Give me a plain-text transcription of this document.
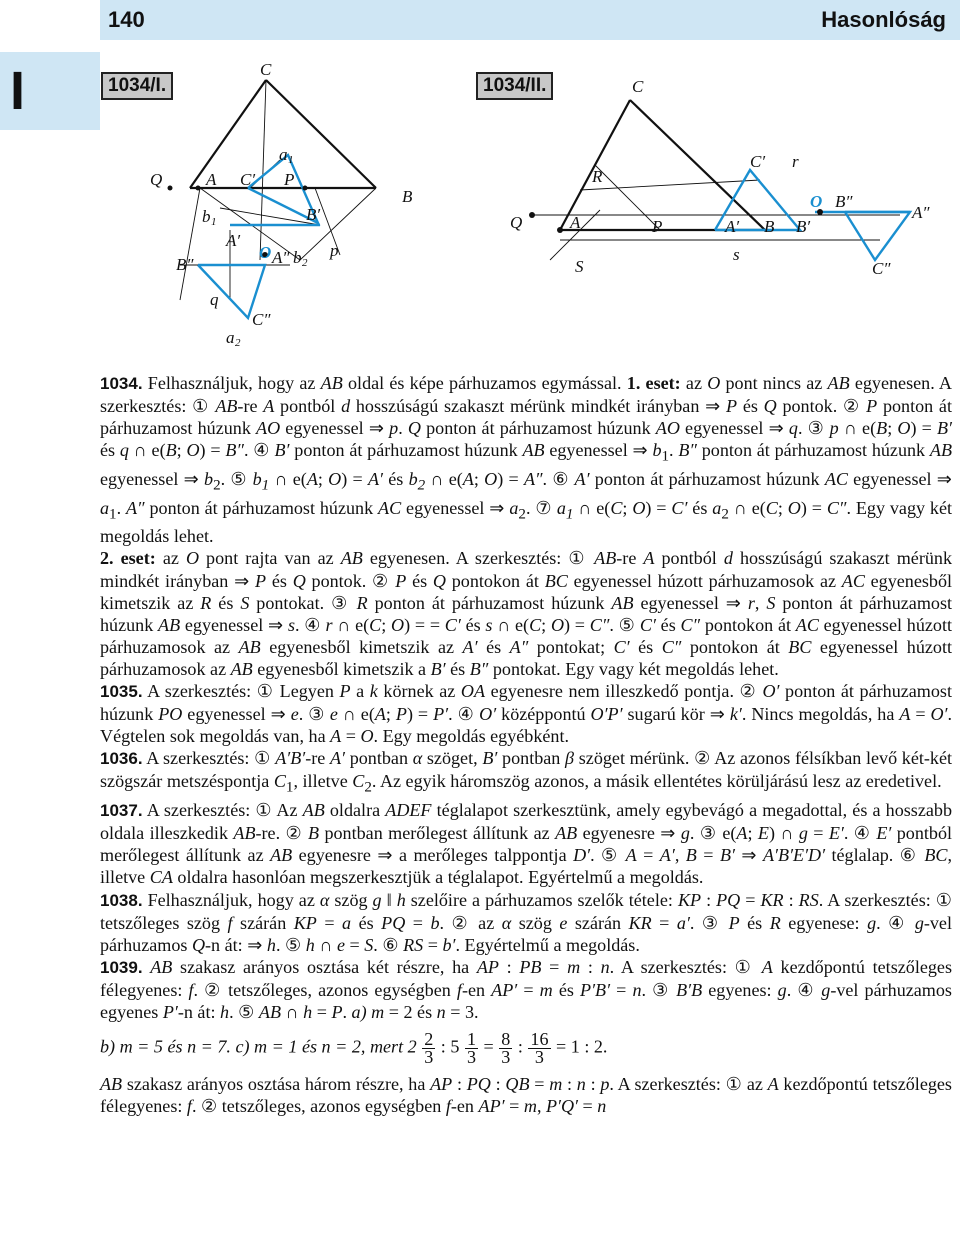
140	Hasonlóság
I	1034/I.
C
a 1
Q	A C′ P
B
b 1	B′
A′
B″
O A″ b 2
p
q
C″
a 2
1034/II.	C
R
C′ r
Q	A
O B″
A″
P	A′ B B′
S
s
C″

1034. Felhasználjuk, hogy az AB oldal és képe párhuzamos egymással. 1. eset: az O pont nincs az AB egyenesen. A szerkesztés: ① AB-re A pontból d hosszúságú szakaszt mérünk mindkét irányban ⇒ P és Q pontok. ② P ponton át párhuzamost húzunk AO egyenessel ⇒ p. Q ponton át párhuzamost húzunk AO egyenessel ⇒ q. ③ p ∩ e(B; O) = B′ és q ∩ e(B; O) = B″. ④ B′ ponton át párhuzamost húzunk AB egyenessel ⇒ $b_1$. B″ ponton át párhuzamost húzunk AB egyenessel ⇒ $b_2$. ⑤ $b_1$ ∩ e(A; O) = A′ és $b_2$ ∩ e(A; O) = A″. ⑥ A′ ponton át párhuzamost húzunk AC egyenessel ⇒ $a_1$. A″ ponton át párhuzamost húzunk AC egyenessel ⇒ $a_2$. ⑦ $a_1$ ∩ e(C; O) = C′ és $a_2$ ∩ e(C; O) = C″. Egy vagy két megoldás lehet.

2. eset: az O pont rajta van az AB egyenesen. A szerkesztés: ① AB-re A pontból d hosszúságú szakaszt mérünk mindkét irányban ⇒ P és Q pontok. ② P és Q pontokon át BC egyenessel húzott párhuzamosok az AC egyenesből kimetszik az R és S pontokat. ③ R ponton át párhuzamost húzunk AB egyenessel ⇒ r, S ponton át párhuzamost húzunk AB egyenessel ⇒ s. ④ r ∩ e(C; O) = = C′ és s ∩ e(C; O) = C″. ⑤ C′ és C″ pontokon át AC egyenessel húzott párhuzamosok az AB egyenesből kimetszik az A′ és A″ pontokat; C′ és C″ pontokon át BC egyenessel húzott párhuzamosok az AB egyenesből kimetszik a B′ és B″ pontokat. Egy vagy két megoldás lehet.

1035. A szerkesztés: ① Legyen P a k körnek az OA egyenesre nem illeszkedő pontja. ② O′ ponton át párhuzamost húzunk PO egyenessel ⇒ e. ③ e ∩ e(A; P) = P′. ④ O′ középpontú O′P′ sugarú kör ⇒ k′. Nincs megoldás, ha A = O′. Végtelen sok megoldás van, ha A = O. Egy megoldás egyébként.

1036. A szerkesztés: ① A′B′-re A′ pontban α szöget, B′ pontban β szöget mérünk. ② Az azonos félsíkban levő két-két szögszár metszéspontja $C_1$, illetve $C_2$. Az egyik háromszög azonos, a másik ellentétes körüljárású lesz az eredetivel.

1037. A szerkesztés: ① Az AB oldalra ADEF téglalapot szerkesztünk, amely egybevágó a megadottal, és a hosszabb oldala illeszkedik AB-re. ② B pontban merőlegest állítunk az AB egyenesre ⇒ g. ③ e(A; E) ∩ g = E′. ④ E′ pontból merőlegest állítunk az AB egyenesre ⇒ a merőleges talppontja D′. ⑤ A = A′, B = B′ ⇒ A′B′E′D′ téglalap. ⑥ BC, illetve CA oldalra hasonlóan megszerkesztjük a téglalapot. Egyértelmű a megoldás.

1038. Felhasználjuk, hogy az α szög g ‖ h szelőire a párhuzamos szelők tétele: KP : PQ = KR : RS. A szerkesztés: ① tetszőleges szög f szárán KP = a és PQ = b. ② az α szög e szárán KR = a′. ③ P és R egyenese: g. ④ g-vel párhuzamos Q-n át: ⇒ h. ⑤ h ∩ e = S. ⑥ RS = b′. Egyértelmű a megoldás.

1039. AB szakasz arányos osztása két részre, ha AP : PB = m : n. A szerkesztés: ① A kezdőpontú tetszőleges félegyenes: f. ② tetszőleges, azonos egységben f-en AP′ = m és P′B′ = n. ③ B′B egyenes: g. ④ g-vel párhuzamos egyenes P′-n át: h. ⑤ AB ∩ h = P. a) m = 2 és n = 3.

b) m = 5 és n = 7. c) m = 1 és n = 2, mert $2 \frac{2}{3}$ : $5 \frac{1}{3} = \frac{8}{3}$ : $\frac{16}{3} = 1$ : 2.

AB szakasz arányos osztása három részre, ha AP : PQ : QB = m : n : p. A szerkesztés: ① az A kezdőpontú tetszőleges félegyenes: f. ② tetszőleges, azonos egységben f-en AP′ = m, P′Q′ = n
